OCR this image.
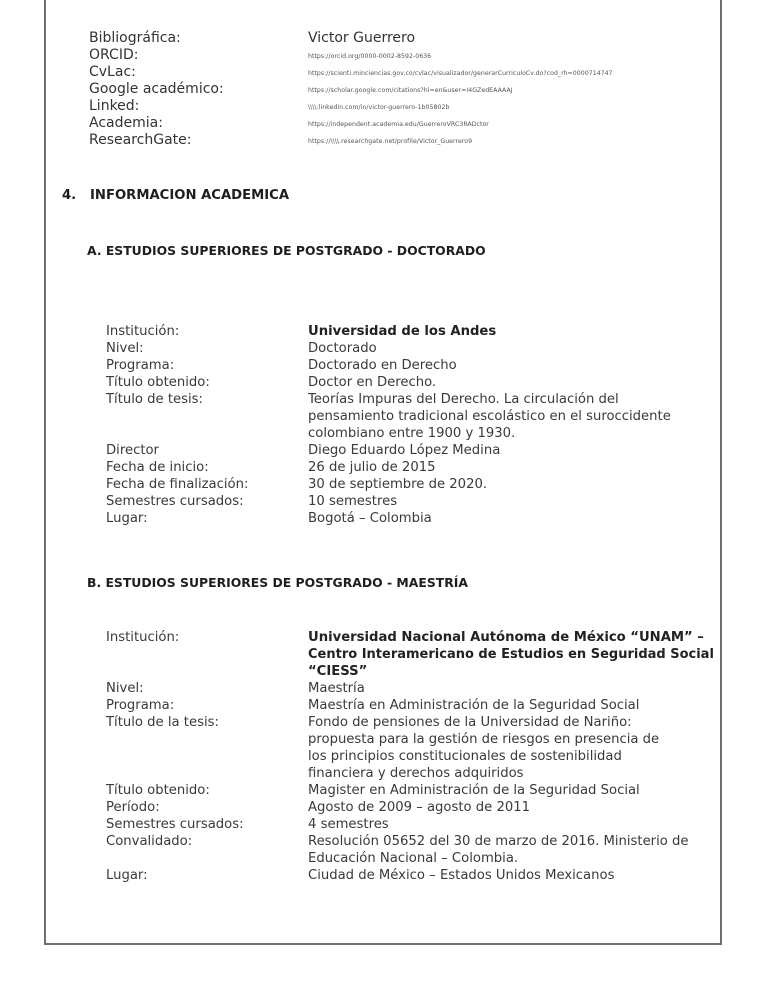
Bibliográfica:	Victor Guerrero
ORCID:	https://orcid.org/0000-0002-8592-0636
CvLac:	https://scienti.minciencias.gov.co/cvlac/visualizador/generarCurriculoCv.do?cod_rh=0000714747
Google académico:	https://scholar.google.com/citations?hl=en&user=I4GZedEAAAAJ
Linked:	\\\\:linkedin.com/in/victor-guerrero-1b05802b
Academia:	https://independent.academia.edu/GuerreroVRC3RADctor
ResearchGate:	https://\\\\.researchgate.net/profile/Victor_Guerrero9
4. INFORMACION ACADEMICA
A. ESTUDIOS SUPERIORES DE POSTGRADO - DOCTORADO
Institución:	Universidad de los Andes
Nivel:	Doctorado
Programa:	Doctorado en Derecho
Título obtenido:	Doctor en Derecho.
Título de tesis:	Teorías Impuras del Derecho. La circulación del
pensamiento tradicional escolástico en el suroccidente
colombiano entre 1900 y 1930.
Director	Diego Eduardo López Medina
Fecha de inicio:	26 de julio de 2015
Fecha de finalización:	30 de septiembre de 2020.
Semestres cursados:	10 semestres
Lugar:	Bogotá – Colombia
B. ESTUDIOS SUPERIORES DE POSTGRADO - MAESTRÍA
Institución:	Universidad Nacional Autónoma de México “UNAM” –
Centro Interamericano de Estudios en Seguridad Social
“CIESS”
Nivel:	Maestría
Programa:	Maestría en Administración de la Seguridad Social
Título de la tesis:	Fondo de pensiones de la Universidad de Nariño:
propuesta para la gestión de riesgos en presencia de
los principios constitucionales de sostenibilidad
financiera y derechos adquiridos
Título obtenido:	Magister en Administración de la Seguridad Social
Período:	Agosto de 2009 – agosto de 2011
Semestres cursados:	4 semestres
Convalidado:	Resolución 05652 del 30 de marzo de 2016. Ministerio de
Educación Nacional – Colombia.
Lugar:	Ciudad de México – Estados Unidos Mexicanos
